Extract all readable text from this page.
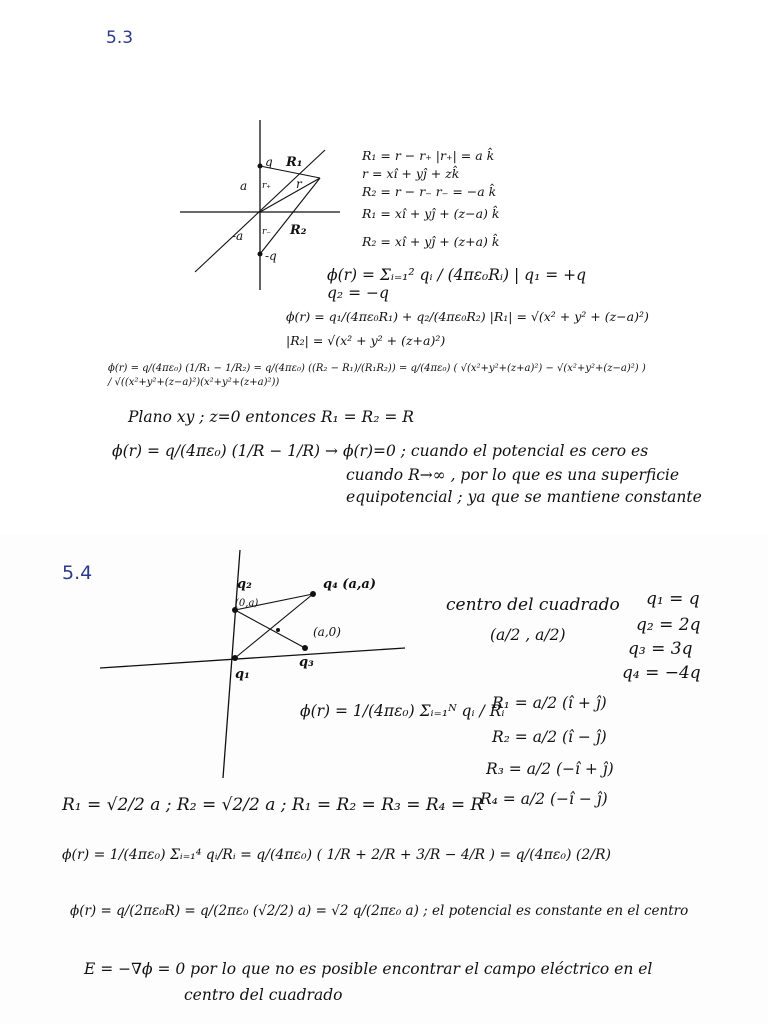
5.3
a
-a
q
-q
r₊
r₋
R₁
R₂
r
R₁ = r − r₊ |r₊| = a k̂
r = xî + yĵ + zk̂
R₂ = r − r₋ r₋ = −a k̂
R₁ = xî + yĵ + (z−a) k̂
R₂ = xî + yĵ + (z+a) k̂
ϕ(r) = Σᵢ₌₁² qᵢ / (4πε₀Rᵢ) | q₁ = +q
q₂ = −q
ϕ(r) = q₁/(4πε₀R₁) + q₂/(4πε₀R₂) |R₁| = √(x² + y² + (z−a)²)
|R₂| = √(x² + y² + (z+a)²)
ϕ(r) = q/(4πε₀) (1/R₁ − 1/R₂) = q/(4πε₀) ((R₂ − R₁)/(R₁R₂)) = q/(4πε₀) ( √(x²+y²+(z+a)²) − √(x²+y²+(z−a)²) ) / √((x²+y²+(z−a)²)(x²+y²+(z+a)²))
Plano xy ; z=0 entonces R₁ = R₂ = R
ϕ(r) = q/(4πε₀) (1/R − 1/R) → ϕ(r)=0 ; cuando el potencial es cero es
cuando R→∞ , por lo que es una superficie
equipotencial ; ya que se mantiene constante
5.4
q₂
(0,a)
q₄ (a,a)
(a,0)
q₃
q₁
centro del cuadrado
(a/2 , a/2)
q₁ = q
q₂ = 2q
q₃ = 3q
q₄ = −4q
ϕ(r) = 1/(4πε₀) Σᵢ₌₁ᴺ qᵢ / Rᵢ
R₁ = a/2 (î + ĵ)
R₂ = a/2 (î − ĵ)
R₃ = a/2 (−î + ĵ)
R₄ = a/2 (−î − ĵ)
R₁ = √2/2 a ; R₂ = √2/2 a ; R₁ = R₂ = R₃ = R₄ = R
ϕ(r) = 1/(4πε₀) Σᵢ₌₁⁴ qᵢ/Rᵢ = q/(4πε₀) ( 1/R + 2/R + 3/R − 4/R ) = q/(4πε₀) (2/R)
ϕ(r) = q/(2πε₀R) = q/(2πε₀ (√2/2) a) = √2 q/(2πε₀ a) ; el potencial es constante en el centro
E = −∇ϕ = 0 por lo que no es posible encontrar el campo eléctrico en el
centro del cuadrado
